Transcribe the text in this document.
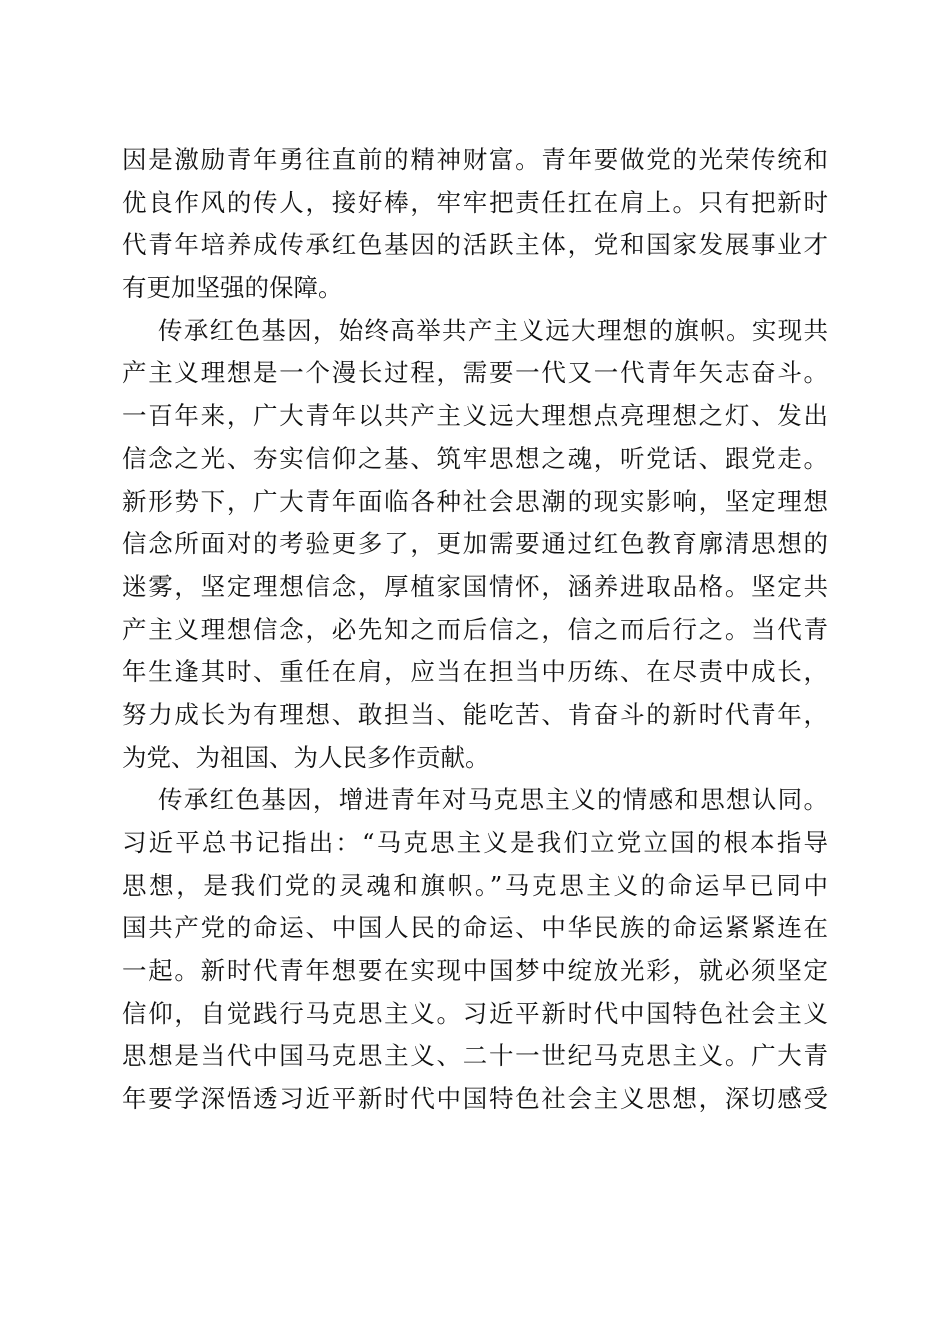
因是激励青年勇往直前的精神财富。青年要做党的光荣传统和
优良作风的传人，接好棒，牢牢把责任扛在肩上。只有把新时
代青年培养成传承红色基因的活跃主体，党和国家发展事业才
有更加坚强的保障。
传承红色基因，始终高举共产主义远大理想的旗帜。实现共
产主义理想是一个漫长过程，需要一代又一代青年矢志奋斗。
一百年来，广大青年以共产主义远大理想点亮理想之灯、发出
信念之光、夯实信仰之基、筑牢思想之魂，听党话、跟党走。
新形势下，广大青年面临各种社会思潮的现实影响，坚定理想
信念所面对的考验更多了，更加需要通过红色教育廓清思想的
迷雾，坚定理想信念，厚植家国情怀，涵养进取品格。坚定共
产主义理想信念，必先知之而后信之，信之而后行之。当代青
年生逢其时、重任在肩，应当在担当中历练、在尽责中成长，
努力成长为有理想、敢担当、能吃苦、肯奋斗的新时代青年，
为党、为祖国、为人民多作贡献。
传承红色基因，增进青年对马克思主义的情感和思想认同。
习近平总书记指出：“马克思主义是我们立党立国的根本指导
思想，是我们党的灵魂和旗帜。”马克思主义的命运早已同中
国共产党的命运、中国人民的命运、中华民族的命运紧紧连在
一起。新时代青年想要在实现中国梦中绽放光彩，就必须坚定
信仰，自觉践行马克思主义。习近平新时代中国特色社会主义
思想是当代中国马克思主义、二十一世纪马克思主义。广大青
年要学深悟透习近平新时代中国特色社会主义思想，深切感受
